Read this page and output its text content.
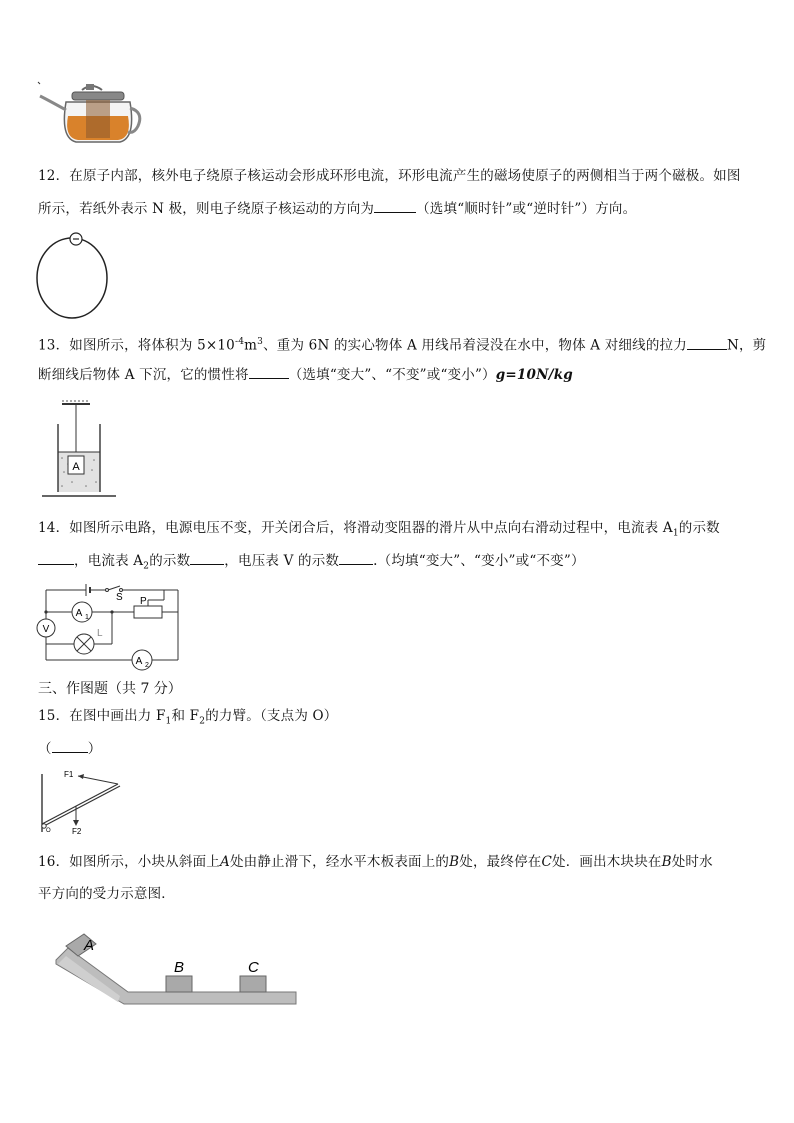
12．在原子内部，核外电子绕原子核运动会形成环形电流，环形电流产生的磁场使原子的两侧相当于两个磁极。如图
所示，若纸外表示 N 极，则电子绕原子核运动的方向为	（选填“顺时针”或“逆时针”）方向。
13．如图所示，将体积为 $5\times 10^{-4}m^3$、重为 6N 的实心物体 A 用线吊着浸没在水中，物体 A 对细线的拉力	N，剪
断细线后物体 A 下沉，它的惯性将	（选填“变大”、“不变”或“变小”）g=10N/kg
A
14．如图所示电路，电源电压不变，开关闭合后，将滑动变阻器的滑片从中点向右滑动过程中，电流表 $A_1$的示数
，电流表 $A_2$的示数	，电压表 V 的示数	.（均填“变大”、“变小”或“不变”）
S P
V
A 1
A 2
L
三、作图题（共 7 分）
15．在图中画出力 $F_1$和 $F_2$的力臂。（支点为 O）
（	）
F1
F2
O
16．如图所示，小块从斜面上A处由静止滑下，经水平木板表面上的B处，最终停在C处．画出木块块在B处时水
平方向的受力示意图．
A
B	C
